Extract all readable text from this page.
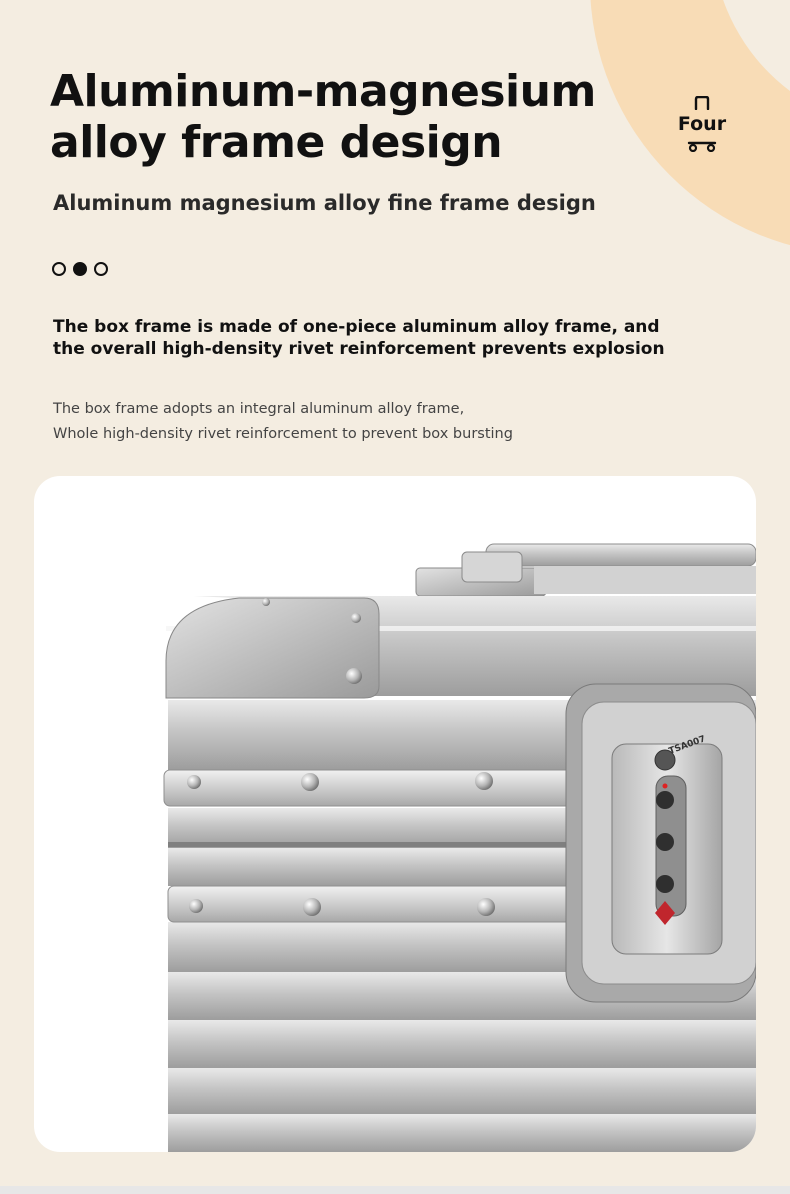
Four
Aluminum-magnesium alloy frame design

Aluminum magnesium alloy fine frame design

The box frame is made of one-piece aluminum alloy frame, and the overall high-density rivet reinforcement prevents explosion

The box frame adopts an integral aluminum alloy frame,
Whole high-density rivet reinforcement to prevent box bursting

TSA007
